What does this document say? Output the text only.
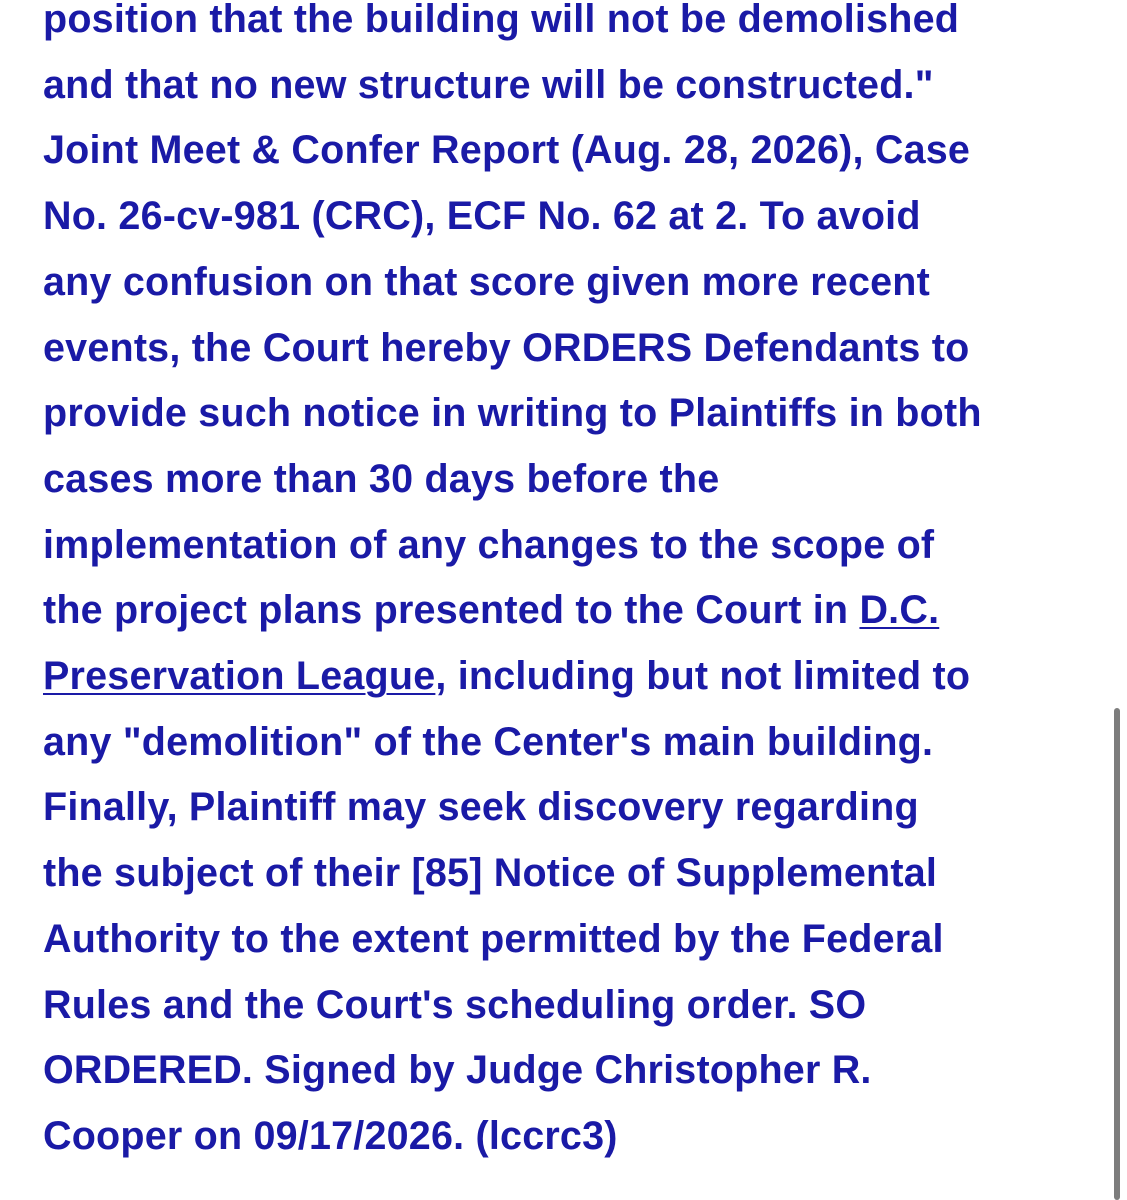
position that the building will not be demolished
and that no new structure will be constructed."
Joint Meet & Confer Report (Aug. 28, 2026), Case
No. 26-cv-981 (CRC), ECF No. 62 at 2. To avoid
any confusion on that score given more recent
events, the Court hereby ORDERS Defendants to
provide such notice in writing to Plaintiffs in both
cases more than 30 days before the
implementation of any changes to the scope of
the project plans presented to the Court in D.C.
Preservation League, including but not limited to
any "demolition" of the Center's main building.
Finally, Plaintiff may seek discovery regarding
the subject of their [85] Notice of Supplemental
Authority to the extent permitted by the Federal
Rules and the Court's scheduling order. SO
ORDERED. Signed by Judge Christopher R.
Cooper on 09/17/2026. (lccrc3)
